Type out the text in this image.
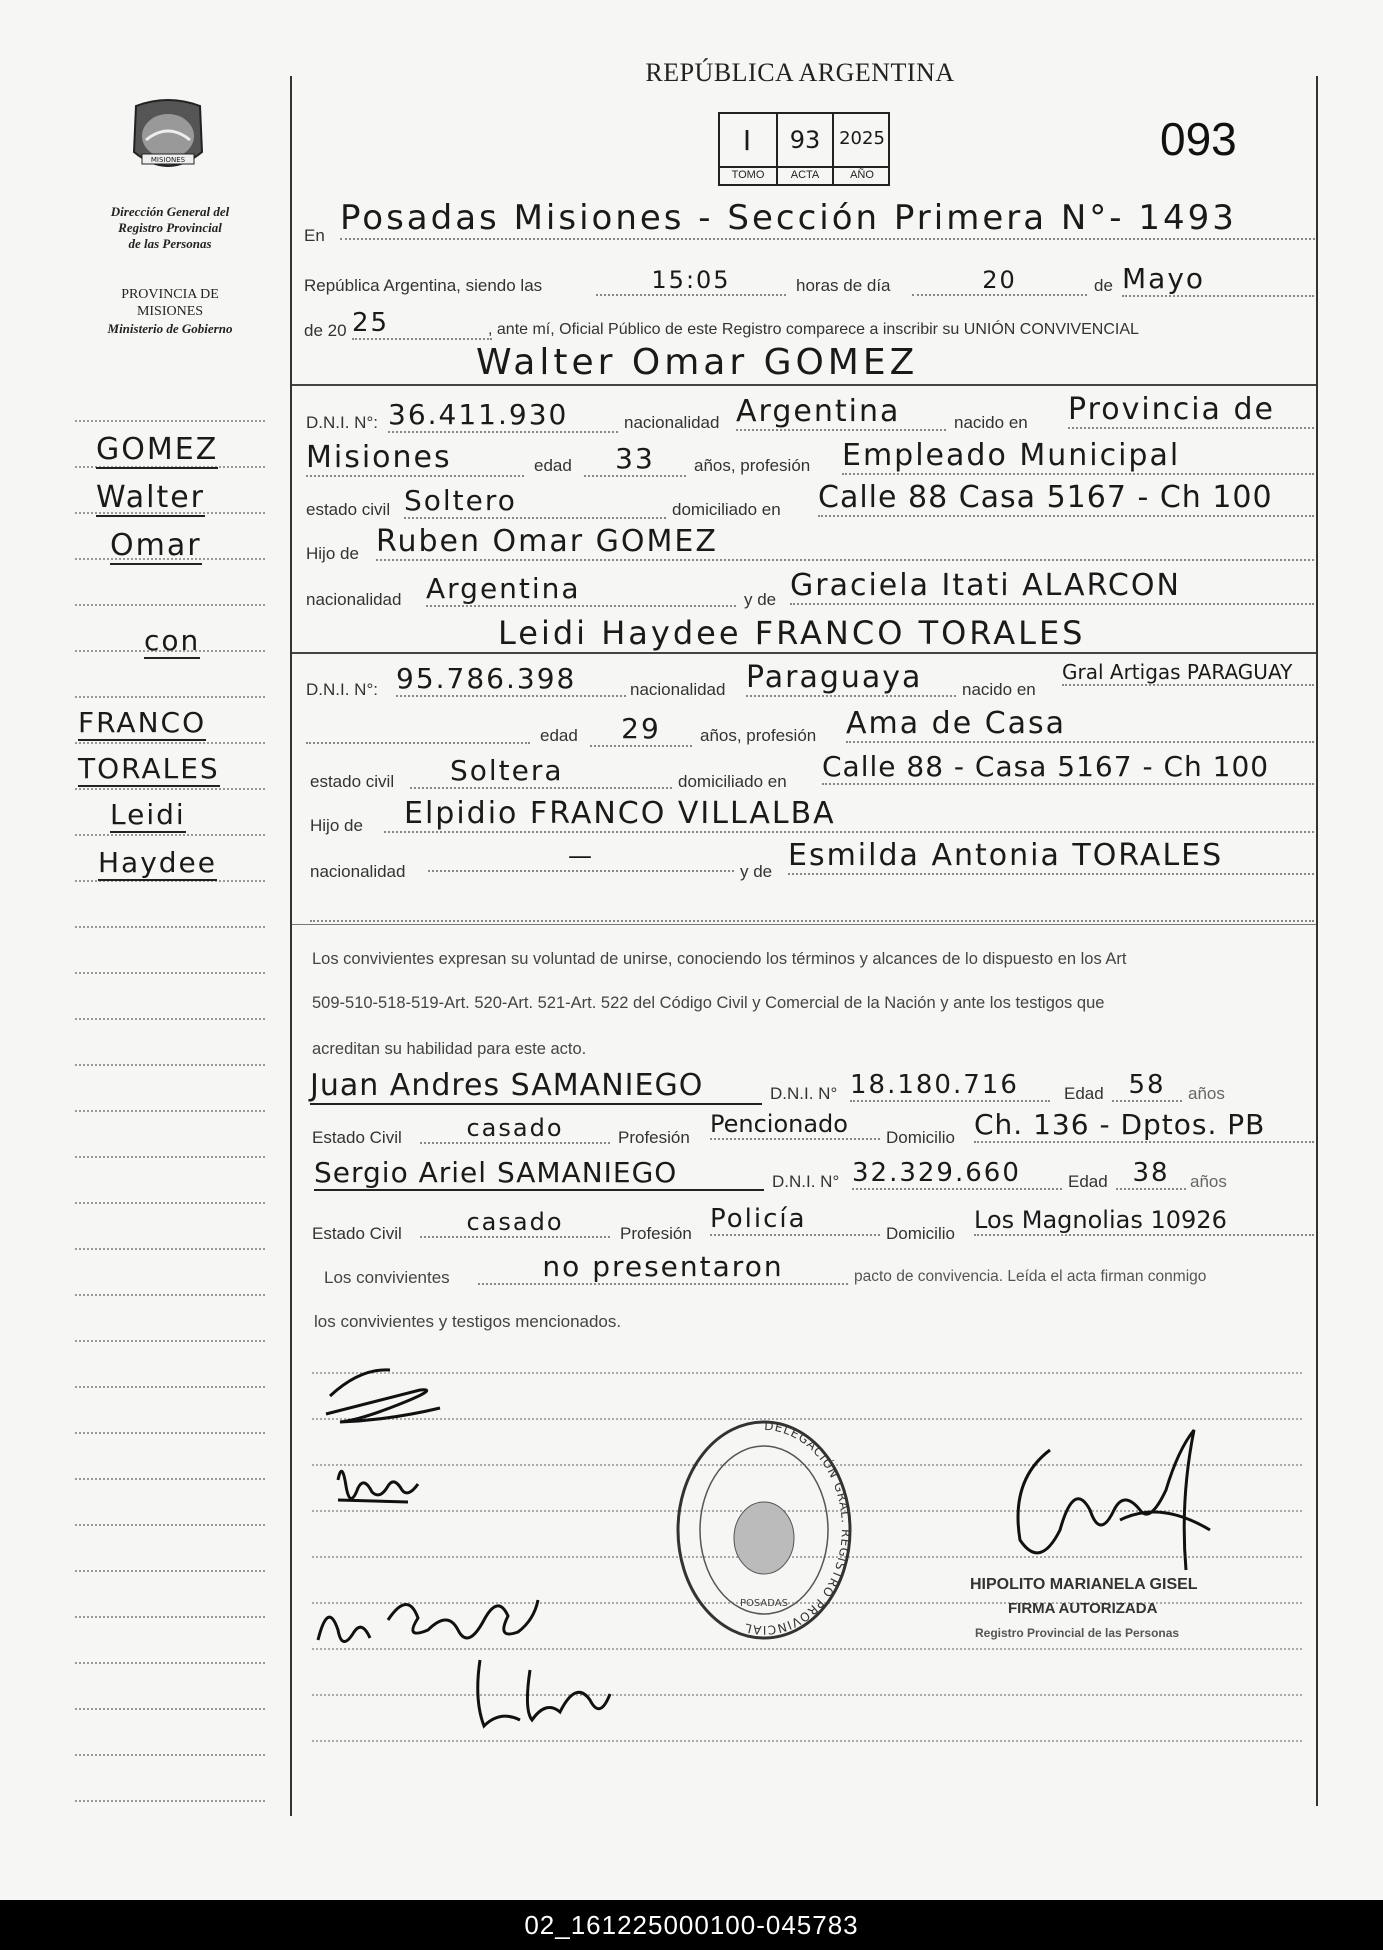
MISIONES
Dirección General del
Registro Provincial
de las Personas
PROVINCIA DE
MISIONES
Ministerio de Gobierno
GOMEZ
Walter
Omar
con
FRANCO
TORALES
Leidi
Haydee
REPÚBLICA ARGENTINA
I	93	2025
TOMO	ACTA	AÑO
093
En Posadas Misiones - Sección Primera N°- 1493
República Argentina, siendo las	15:05	horas de día	20	de Mayo
de 20 25	, ante mí, Oficial Público de este Registro comparece a inscribir su UNIÓN CONVIVENCIAL
Walter Omar GOMEZ
D.N.I. N°: 36.411.930	nacionalidad Argentina	nacido en Provincia de
Misiones	edad	33	años, profesión Empleado Municipal
estado civil Soltero	domiciliado en Calle 88 Casa 5167 - Ch 100
Hijo de Ruben Omar GOMEZ
nacionalidad Argentina	y de Graciela Itati ALARCON
Leidi Haydee FRANCO TORALES
D.N.I. N°: 95.786.398	nacionalidad Paraguaya	nacido en
Gral Artigas PARAGUAY
edad	29	años, profesión Ama de Casa
estado civil	Soltera	domiciliado en Calle 88 - Casa 5167 - Ch 100
Hijo de	Elpidio FRANCO VILLALBA
nacionalidad
—
y de Esmilda Antonia TORALES
Los convivientes expresan su voluntad de unirse, conociendo los términos y alcances de lo dispuesto en los Art
509-510-518-519-Art. 520-Art. 521-Art. 522 del Código Civil y Comercial de la Nación y ante los testigos que
acreditan su habilidad para este acto.
Juan Andres SAMANIEGO	D.N.I. N° 18.180.716	Edad 58	años
Estado Civil	casado	Profesión Pencionado	Domicilio Ch. 136 - Dptos. PB
Sergio Ariel SAMANIEGO	D.N.I. N° 32.329.660	Edad 38	años
Estado Civil	casado	Profesión Policía	Domicilio Los Magnolias 10926
Los convivientes	no presentaron	pacto de convivencia. Leída el acta firman conmigo
los convivientes y testigos mencionados.
DELEGACIÓN GRAL. REGISTRO PROVINCIAL
POSADAS
HIPOLITO MARIANELA GISEL
FIRMA AUTORIZADA
Registro Provincial de las Personas
02_161225000100-045783
